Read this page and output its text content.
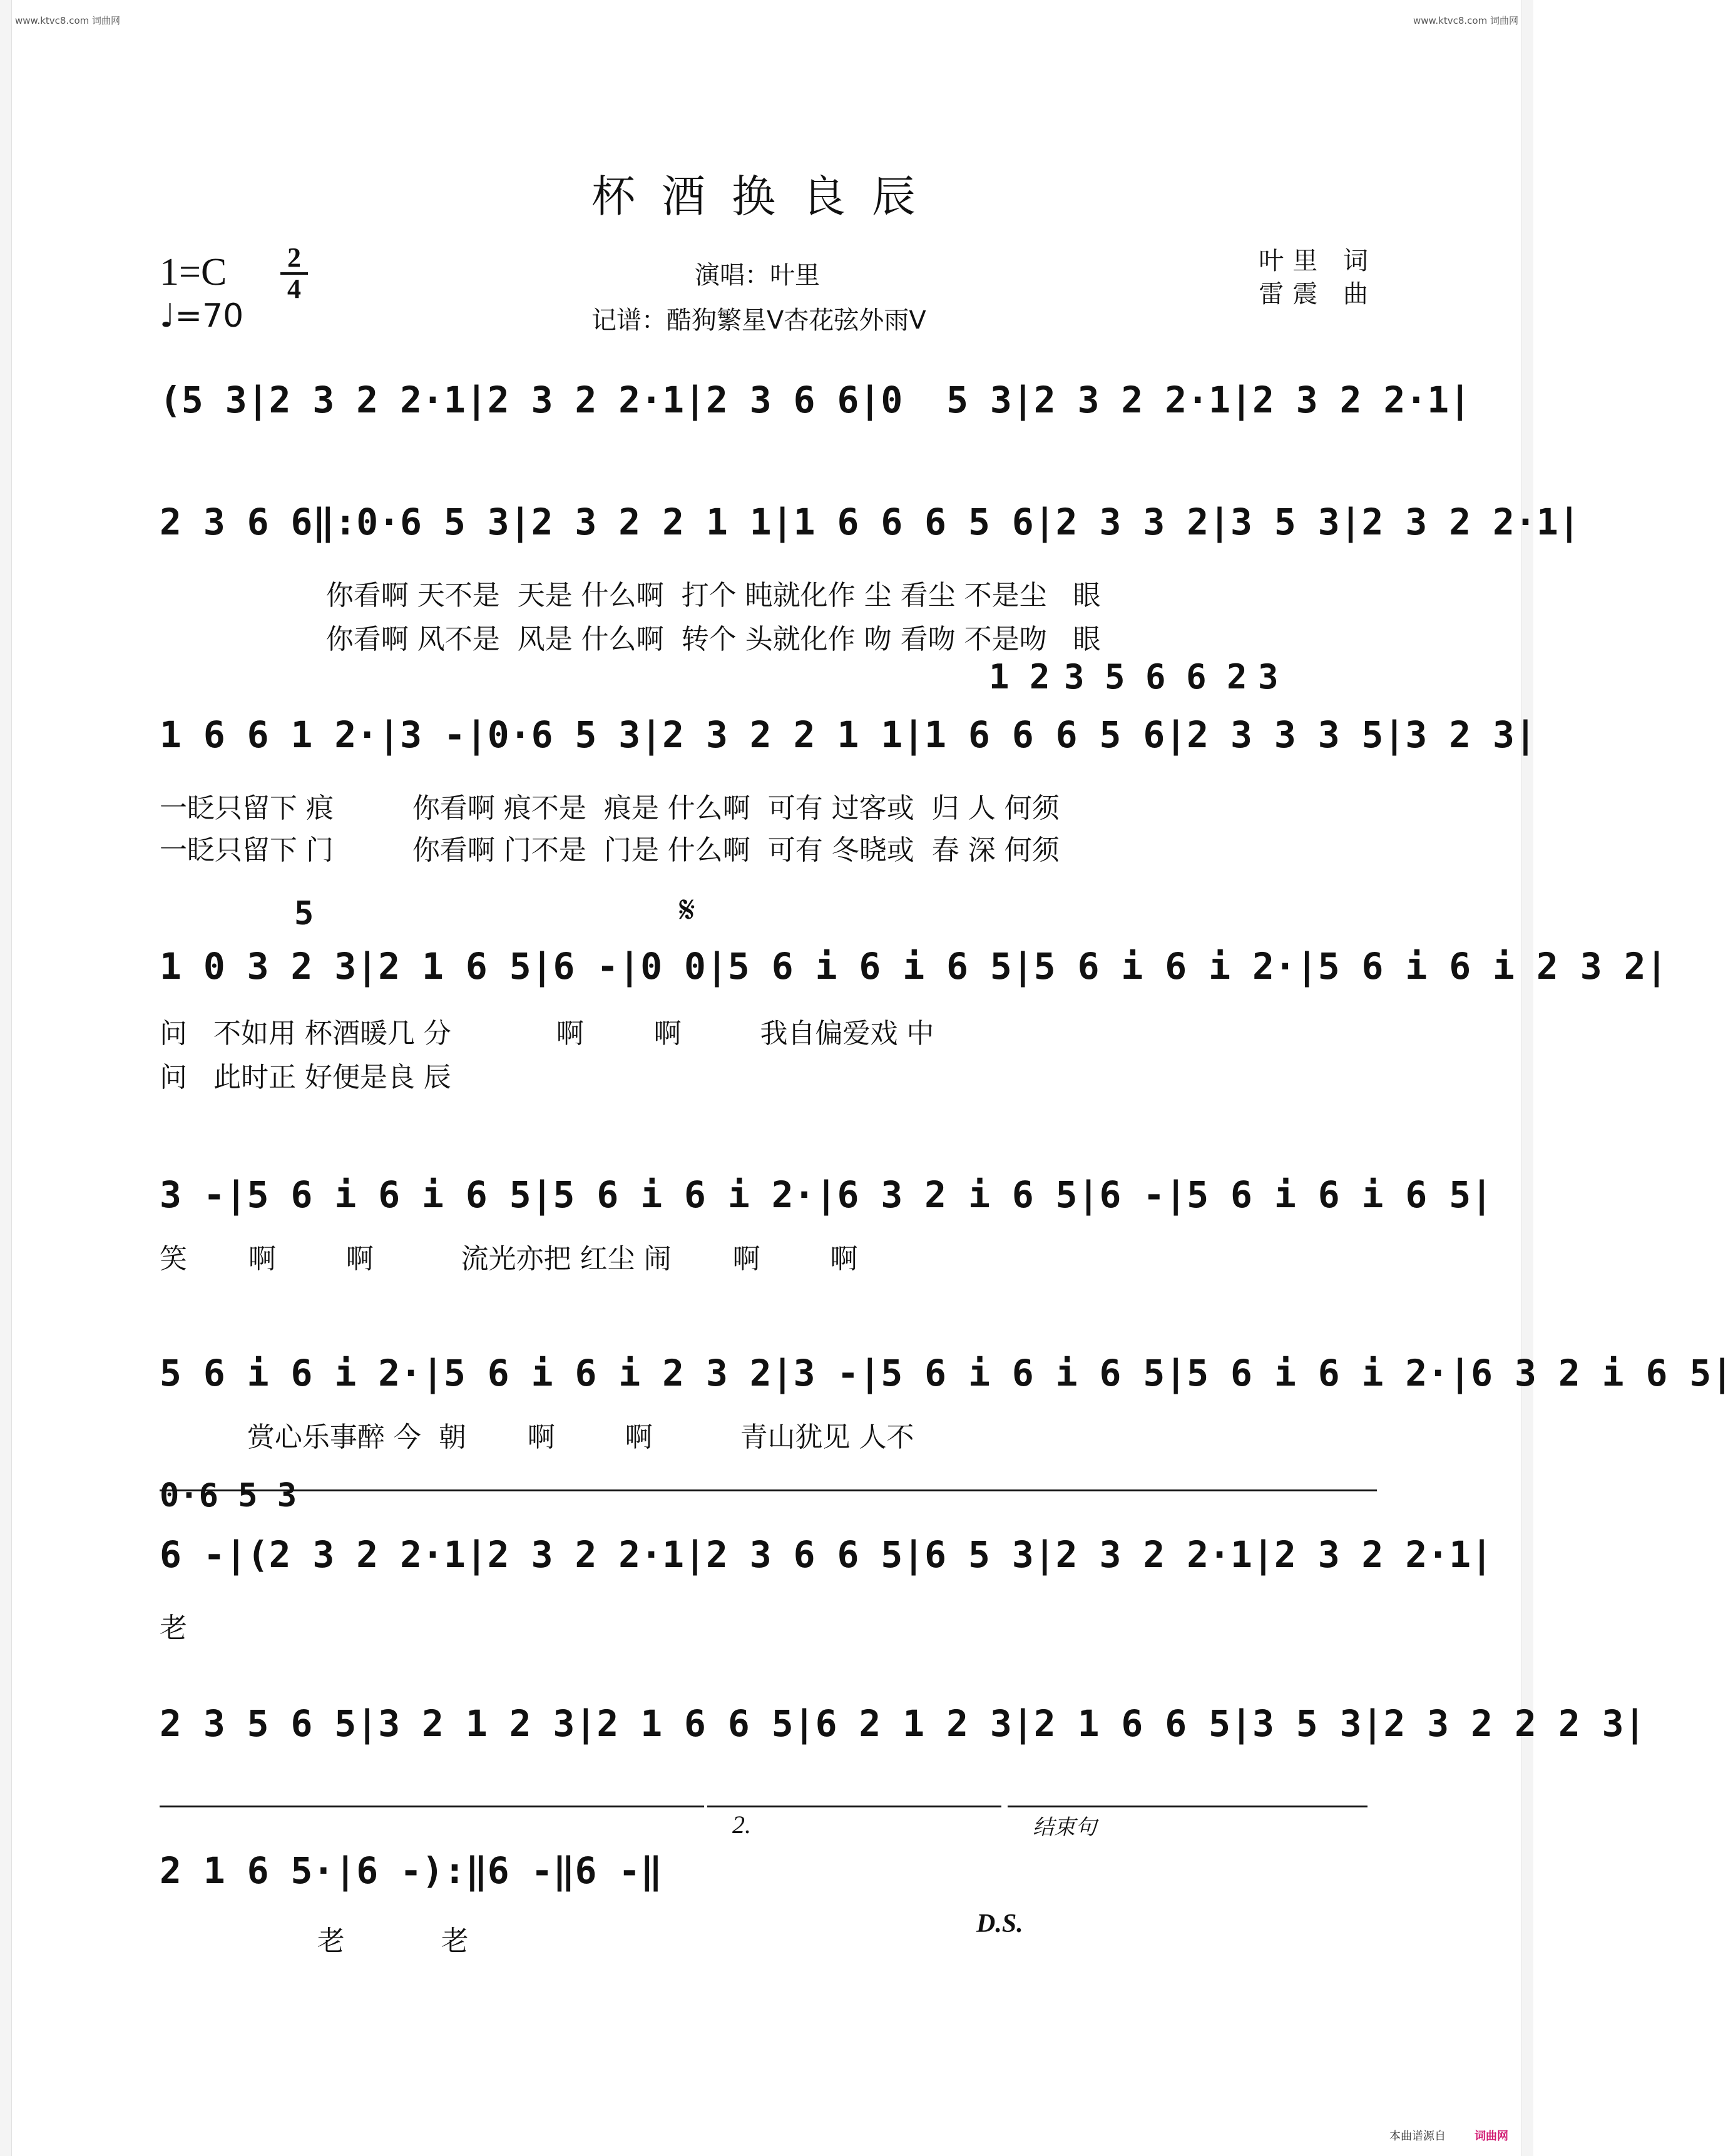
www.ktvc8.com 词曲网	www.ktvc8.com 词曲网
杯酒换良辰
1=C 2
4
♩=70
演唱：叶里
记谱：酷狗繁星V杏花弦外雨V
叶里 词
雷震 曲
(5 3|2 3 2 2·1|2 3 2 2·1|2 3 6 6|0  5 3|2 3 2 2·1|2 3 2 2·1|
2 3 6 6‖:0·6 5 3|2 3 2 2 1 1|1 6 6 6 5 6|2 3 3 2|3 5 3|2 3 2 2·1|
你看啊 天不是  天是 什么啊  打个 盹就化作 尘 看尘 不是尘   眼
你看啊 风不是  风是 什么啊  转个 头就化作 吻 看吻 不是吻   眼
1 2 3 5 6 6 2 3
1 6 6 1 2·|3 -|0·6 5 3|2 3 2 2 1 1|1 6 6 6 5 6|2 3 3 3 5|3 2 3|
一眨只留下 痕         你看啊 痕不是  痕是 什么啊  可有 过客或  归 人 何须
一眨只留下 门         你看啊 门不是  门是 什么啊  可有 冬晓或  春 深 何须
5	𝄋
1 0 3 2 3|2 1 6 5|6 -|0 0|5 6 i 6 i 6 5|5 6 i 6 i 2·|5 6 i 6 i 2 3 2|
问   不如用 杯酒暖几 分            啊        啊         我自偏爱戏 中
问   此时正 好便是良 辰
3 -|5 6 i 6 i 6 5|5 6 i 6 i 2·|6 3 2 i 6 5|6 -|5 6 i 6 i 6 5|
笑       啊        啊          流光亦把 红尘 闹       啊        啊
5 6 i 6 i 2·|5 6 i 6 i 2 3 2|3 -|5 6 i 6 i 6 5|5 6 i 6 i 2·|6 3 2 i 6 5|
赏心乐事醉 今  朝       啊        啊          青山犹见 人不
0·6 5 3
6 -|(2 3 2 2·1|2 3 2 2·1|2 3 6 6 5|6 5 3|2 3 2 2·1|2 3 2 2·1|
老
2 3 5 6 5|3 2 1 2 3|2 1 6 6 5|6 2 1 2 3|2 1 6 6 5|3 5 3|2 3 2 2 2 3|
2.	结束句
2 1 6 5·|6 -):‖6 -‖6 -‖
D.S.
老           老
本曲谱源自	词曲网
